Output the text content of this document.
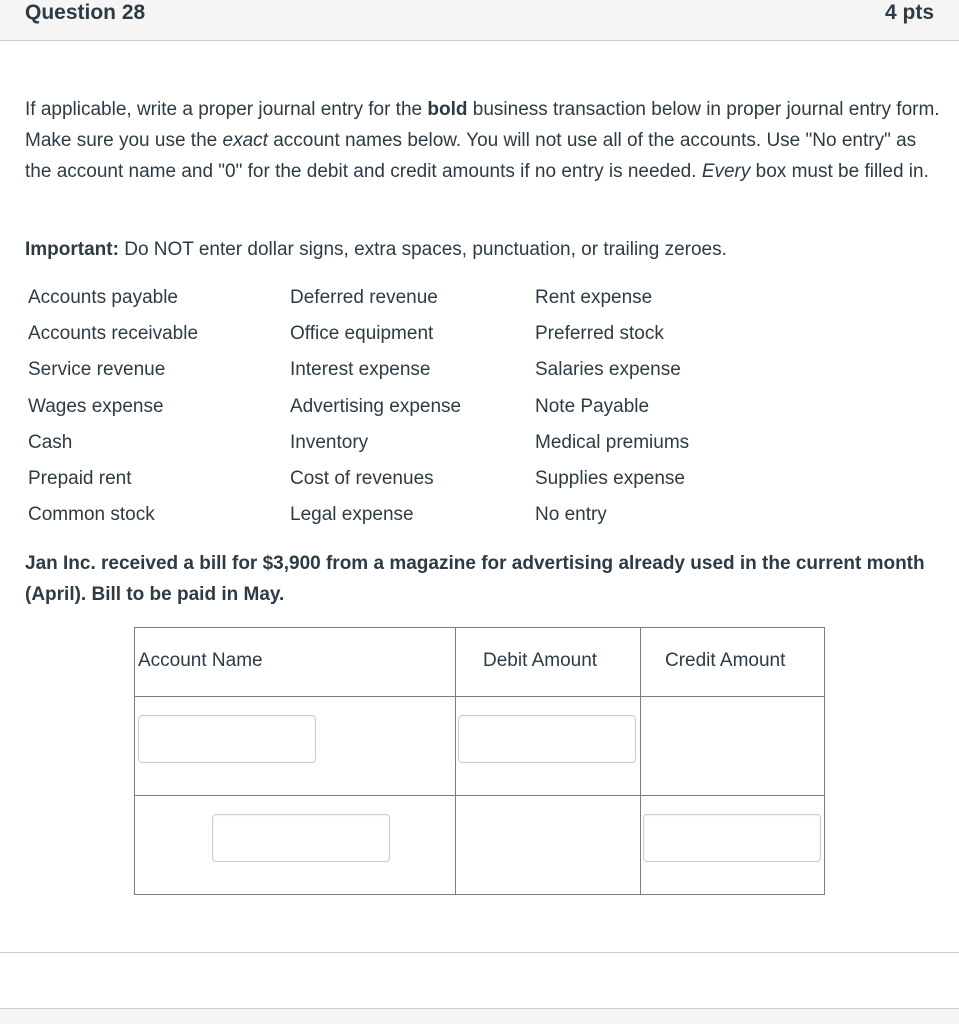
Question 28	4 pts
If applicable, write a proper journal entry for the bold business transaction below in proper journal entry form. Make sure you use the exact account names below. You will not use all of the accounts. Use "No entry" as the account name and "0" for the debit and credit amounts if no entry is needed. Every box must be filled in.
Important: Do NOT enter dollar signs, extra spaces, punctuation, or trailing zeroes.
Accounts payable	Deferred revenue	Rent expense
Accounts receivable	Office equipment	Preferred stock
Service revenue	Interest expense	Salaries expense
Wages expense	Advertising expense	Note Payable
Cash	Inventory	Medical premiums
Prepaid rent	Cost of revenues	Supplies expense
Common stock	Legal expense	No entry
Jan Inc. received a bill for $3,900 from a magazine for advertising already used in the current month (April). Bill to be paid in May.
Account Name	Debit Amount	Credit Amount
